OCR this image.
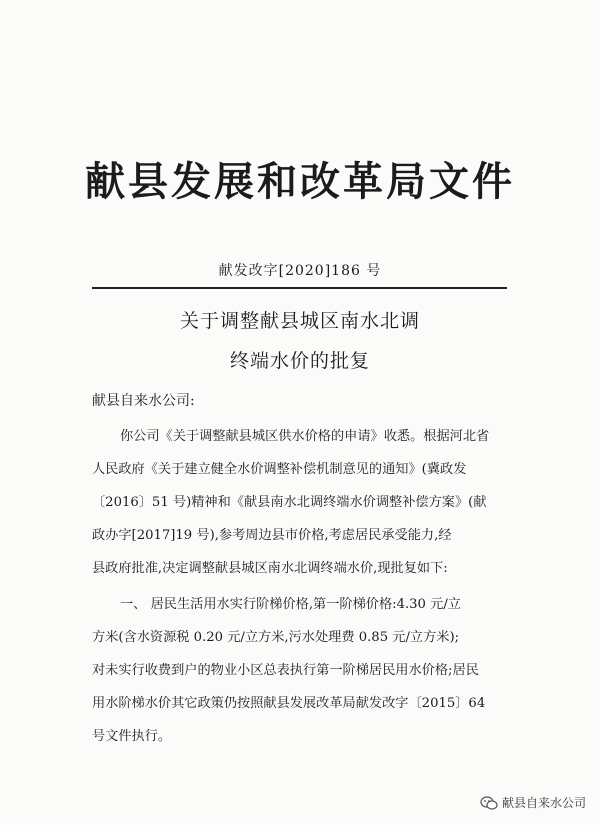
献县发展和改革局文件
献发改字[2020]186 号
关于调整献县城区南水北调
终端水价的批复
献县自来水公司:
你公司《关于调整献县城区供水价格的申请》收悉。根据河北省
人民政府《关于建立健全水价调整补偿机制意见的通知》(冀政发
〔2016〕51 号)精神和《献县南水北调终端水价调整补偿方案》(献
政办字[2017]19 号),参考周边县市价格,考虑居民承受能力,经
县政府批准,决定调整献县城区南水北调终端水价,现批复如下:
一、 居民生活用水实行阶梯价格,第一阶梯价格:4.30 元/立
方米(含水资源税 0.20 元/立方米,污水处理费 0.85 元/立方米);
对未实行收费到户的物业小区总表执行第一阶梯居民用水价格;居民
用水阶梯水价其它政策仍按照献县发展改革局献发改字〔2015〕64
号文件执行。
献县自来水公司
